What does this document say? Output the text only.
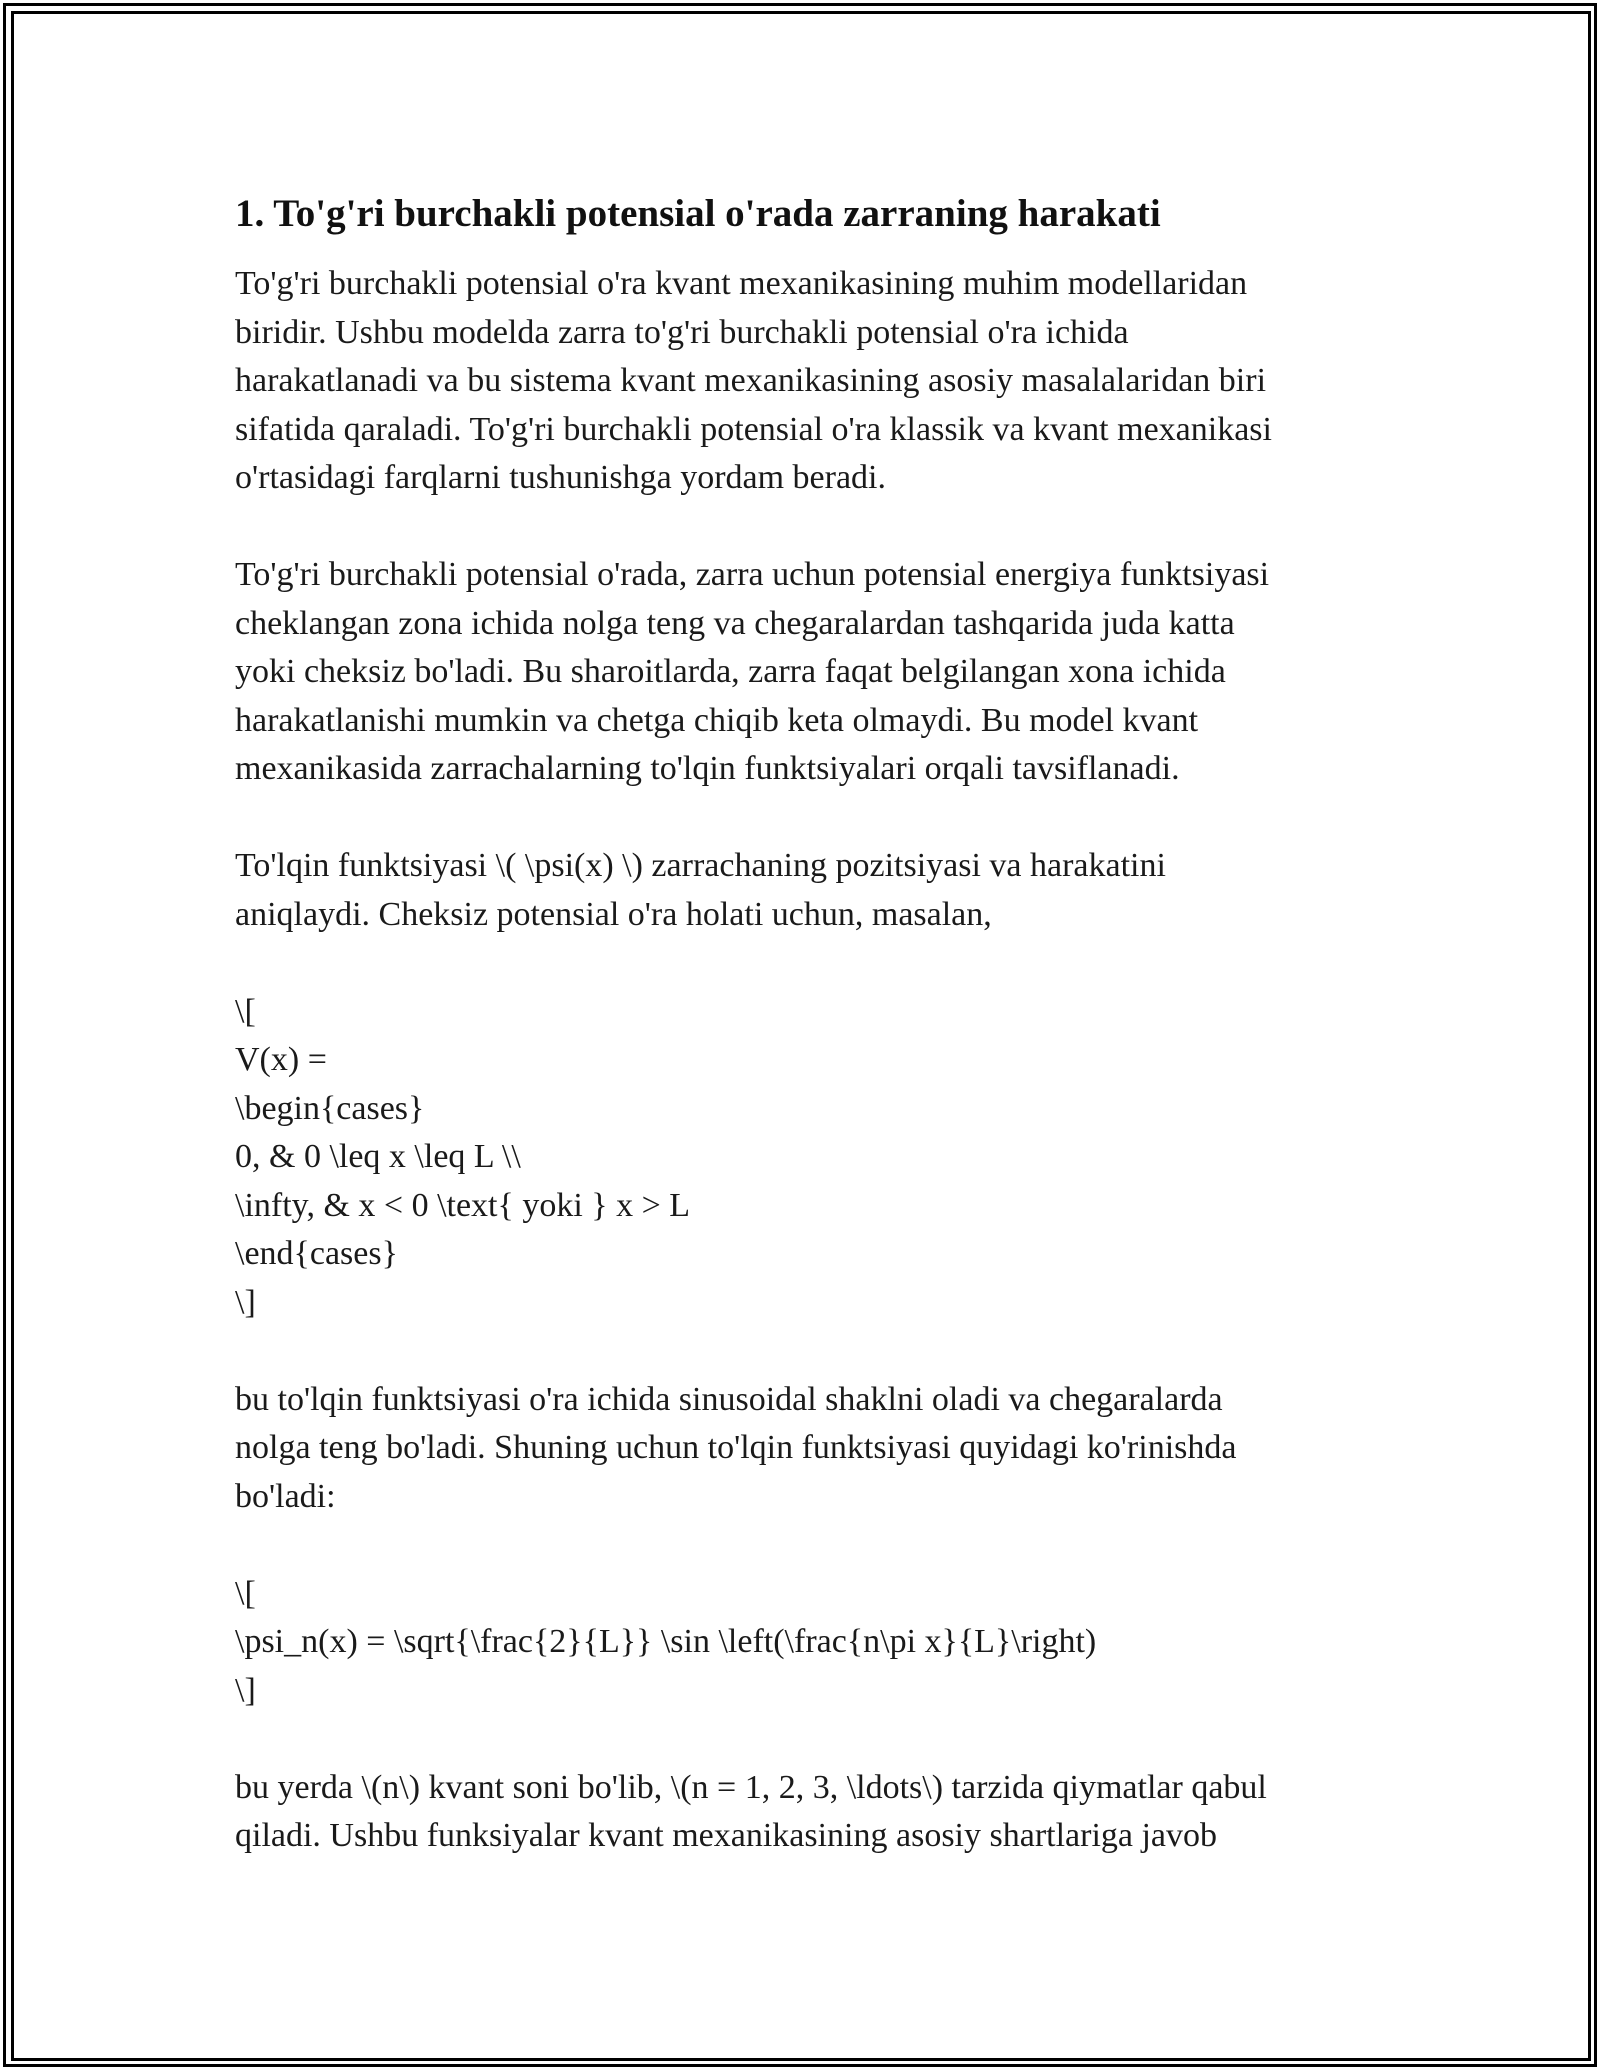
1. To'g'ri burchakli potensial o'rada zarraning harakati
To'g'ri burchakli potensial o'ra kvant mexanikasining muhim modellaridan
biridir. Ushbu modelda zarra to'g'ri burchakli potensial o'ra ichida
harakatlanadi va bu sistema kvant mexanikasining asosiy masalalaridan biri
sifatida qaraladi. To'g'ri burchakli potensial o'ra klassik va kvant mexanikasi
o'rtasidagi farqlarni tushunishga yordam beradi.
To'g'ri burchakli potensial o'rada, zarra uchun potensial energiya funktsiyasi
cheklangan zona ichida nolga teng va chegaralardan tashqarida juda katta
yoki cheksiz bo'ladi. Bu sharoitlarda, zarra faqat belgilangan xona ichida
harakatlanishi mumkin va chetga chiqib keta olmaydi. Bu model kvant
mexanikasida zarrachalarning to'lqin funktsiyalari orqali tavsiflanadi.
To'lqin funktsiyasi \( \psi(x) \) zarrachaning pozitsiyasi va harakatini
aniqlaydi. Cheksiz potensial o'ra holati uchun, masalan,
\[
V(x) =
\begin{cases}
0, & 0 \leq x \leq L \\
\infty, & x < 0 \text{ yoki } x > L
\end{cases}
\]
bu to'lqin funktsiyasi o'ra ichida sinusoidal shaklni oladi va chegaralarda
nolga teng bo'ladi. Shuning uchun to'lqin funktsiyasi quyidagi ko'rinishda
bo'ladi:
\[
\psi_n(x) = \sqrt{\frac{2}{L}} \sin \left(\frac{n\pi x}{L}\right)
\]
bu yerda \(n\) kvant soni bo'lib, \(n = 1, 2, 3, \ldots\) tarzida qiymatlar qabul
qiladi. Ushbu funksiyalar kvant mexanikasining asosiy shartlariga javob
